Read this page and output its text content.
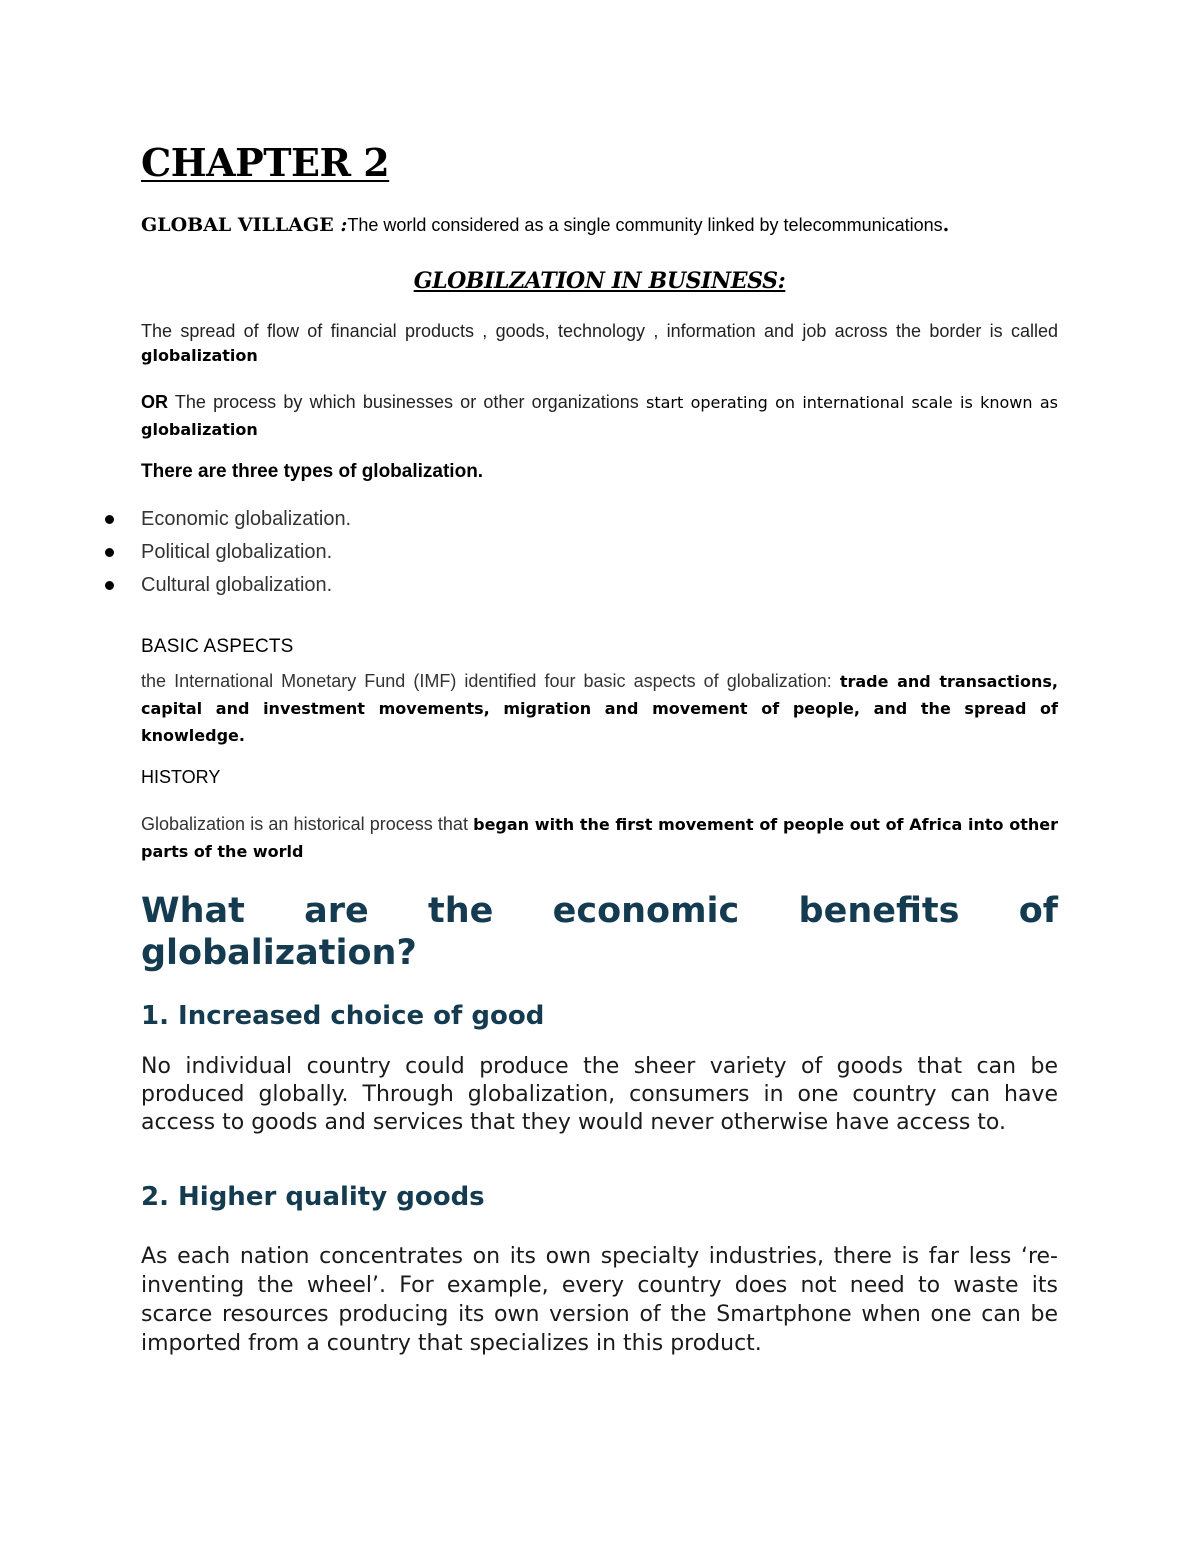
CHAPTER 2
GLOBAL VILLAGE :The world considered as a single community linked by telecommunications.
GLOBILZATION IN BUSINESS:

The spread of flow of financial products , goods, technology , information and job across the border is called globalization

OR The process by which businesses or other organizations start operating on international scale is known as globalization

There are three types of globalization.
Economic globalization.
Political globalization.
Cultural globalization.
BASIC ASPECTS

the International Monetary Fund (IMF) identified four basic aspects of globalization: trade and transactions, capital and investment movements, migration and movement of people, and the spread of knowledge.

HISTORY

Globalization is an historical process that began with the first movement of people out of Africa into other parts of the world

What are the economic benefits of globalization?
1. Increased choice of good

No individual country could produce the sheer variety of goods that can be produced globally. Through globalization, consumers in one country can have access to goods and services that they would never otherwise have access to.

2. Higher quality goods

As each nation concentrates on its own specialty industries, there is far less ‘re-inventing the wheel’. For example, every country does not need to waste its scarce resources producing its own version of the Smartphone when one can be imported from a country that specializes in this product.
